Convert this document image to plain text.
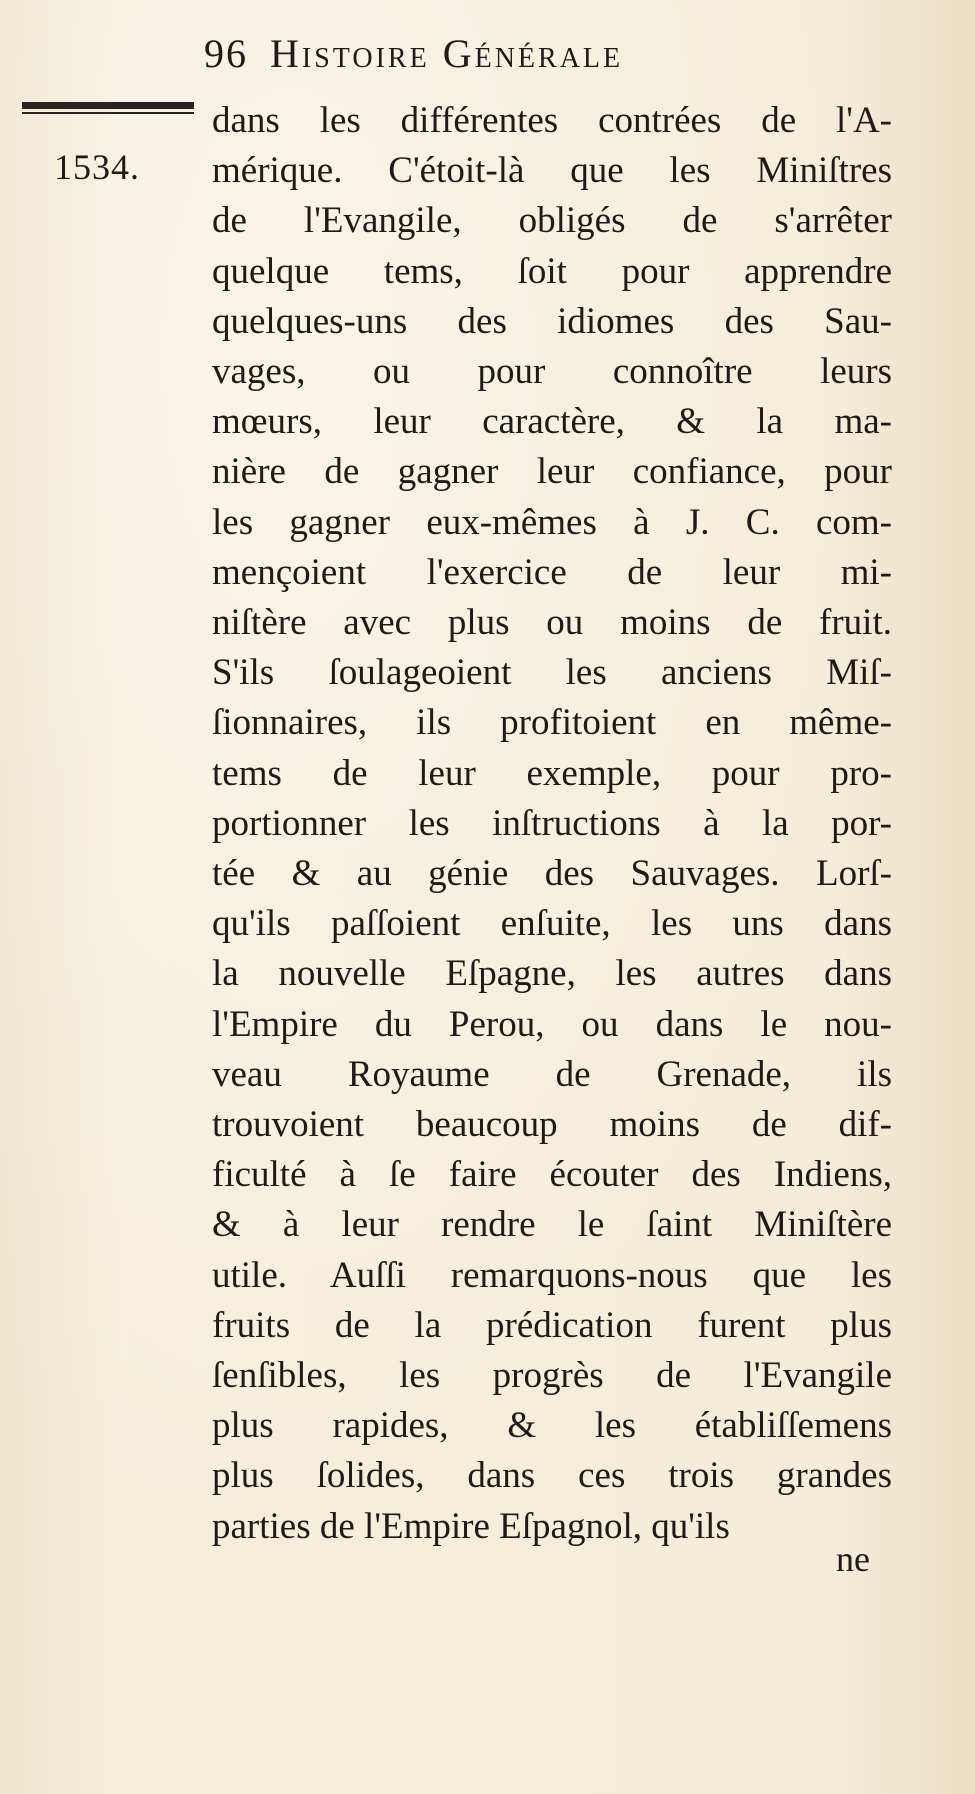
96 Histoire Générale
1534.
dans les différentes contrées de l'A-
mérique. C'étoit-là que les Miniſtres
de l'Evangile, obligés de s'arrêter
quelque tems, ſoit pour apprendre
quelques-uns des idiomes des Sau-
vages, ou pour connoître leurs
mœurs, leur caractère, & la ma-
nière de gagner leur confiance, pour
les gagner eux-mêmes à J. C. com-
mençoient l'exercice de leur mi-
niſtère avec plus ou moins de fruit.
S'ils ſoulageoient les anciens Miſ-
ſionnaires, ils profitoient en même-
tems de leur exemple, pour pro-
portionner les inſtructions à la por-
tée & au génie des Sauvages. Lorſ-
qu'ils paſſoient enſuite, les uns dans
la nouvelle Eſpagne, les autres dans
l'Empire du Perou, ou dans le nou-
veau Royaume de Grenade, ils
trouvoient beaucoup moins de dif-
ficulté à ſe faire écouter des Indiens,
& à leur rendre le ſaint Miniſtère
utile. Auſſi remarquons-nous que les
fruits de la prédication furent plus
ſenſibles, les progrès de l'Evangile
plus rapides, & les établiſſemens
plus ſolides, dans ces trois grandes
parties de l'Empire Eſpagnol, qu'ils
ne
